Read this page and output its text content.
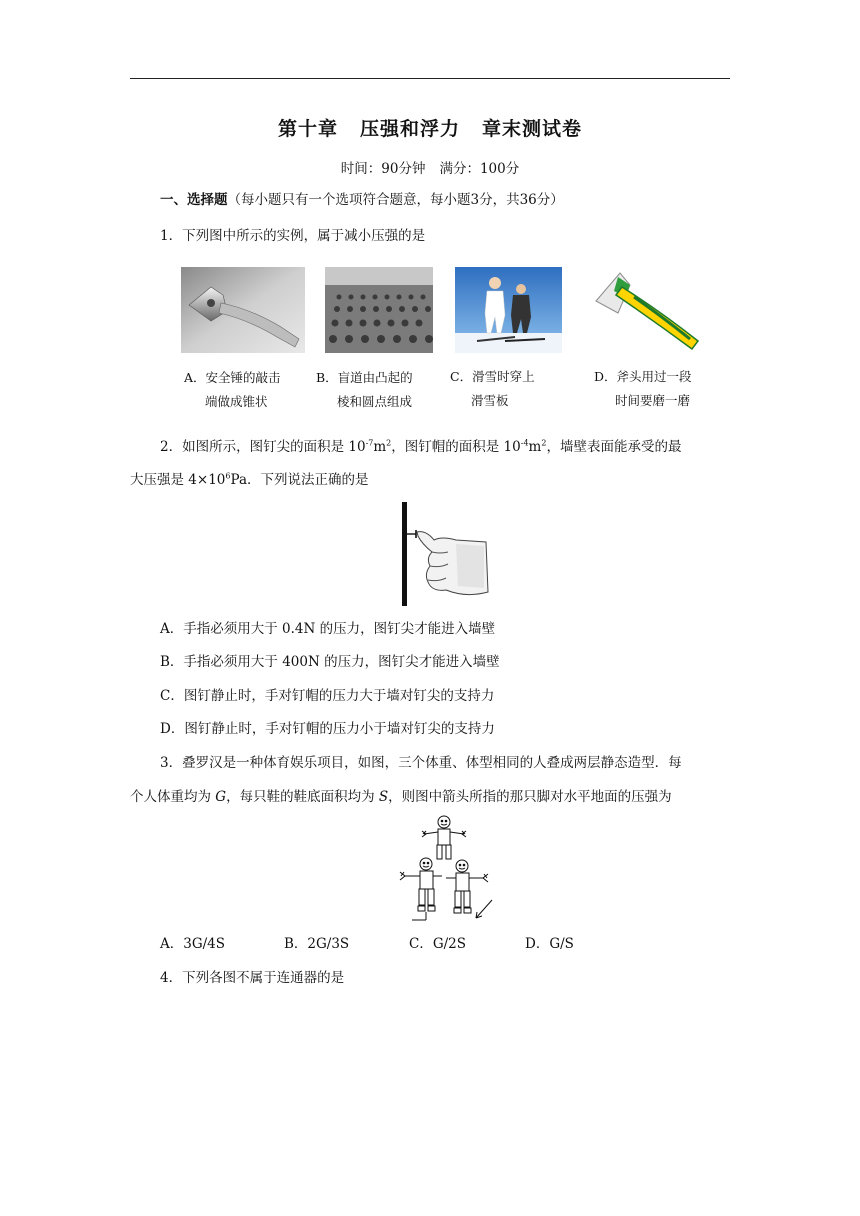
第十章 压强和浮力 章末测试卷
时间：90分钟 满分：100分
一、选择题（每小题只有一个选项符合题意，每小题3分，共36分）
1．下列图中所示的实例，属于减小压强的是
A．安全锤的敲击
端做成锥状
B．盲道由凸起的
棱和圆点组成
C．滑雪时穿上
滑雪板
D．斧头用过一段
时间要磨一磨
2．如图所示，图钉尖的面积是 $10^{-7}m^2$，图钉帽的面积是 $10^{-4}m^2$，墙壁表面能承受的最
大压强是 $4\times 10^6Pa$．下列说法正确的是
A．手指必须用大于 0.4N 的压力，图钉尖才能进入墙壁
B．手指必须用大于 400N 的压力，图钉尖才能进入墙壁
C．图钉静止时，手对钉帽的压力大于墙对钉尖的支持力
D．图钉静止时，手对钉帽的压力小于墙对钉尖的支持力
3．叠罗汉是一种体育娱乐项目，如图，三个体重、体型相同的人叠成两层静态造型．每
个人体重均为 G，每只鞋的鞋底面积均为 S，则图中箭头所指的那只脚对水平地面的压强为
A．3G/4S	B．2G/3S	C．G/2S	D．G/S
4．下列各图不属于连通器的是
